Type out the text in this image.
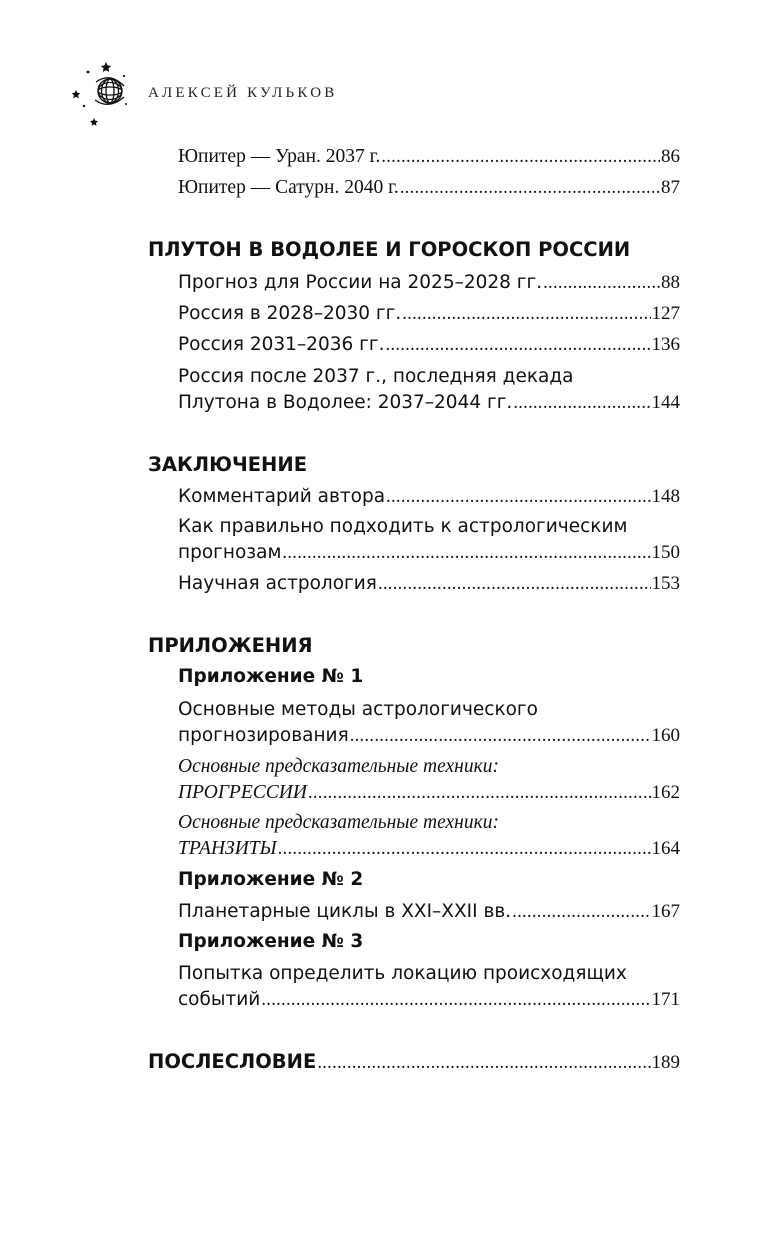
АЛЕКСЕЙ КУЛЬКОВ
Юпитер — Уран. 2037 г. .....	86
Юпитер — Сатурн. 2040 г. .....	87
ПЛУТОН В ВОДОЛЕЕ И ГОРОСКОП РОССИИ
Прогноз для России на 2025–2028 гг. .....	88
Россия в 2028–2030 гг. .....	127
Россия 2031–2036 гг. .....	136
Россия после 2037 г., последняя декада
Плутона в Водолее: 2037–2044 гг. .....	144
ЗАКЛЮЧЕНИЕ
Комментарий автора .....	148
Как правильно подходить к астрологическим
прогнозам .....	150
Научная астрология .....	153
ПРИЛОЖЕНИЯ
Приложение № 1
Основные методы астрологического
прогнозирования .....	160
Основные предсказательные техники:
ПРОГРЕССИИ .....	162
Основные предсказательные техники:
ТРАНЗИТЫ .....	164
Приложение № 2
Планетарные циклы в XXI–XXII вв. .....	167
Приложение № 3
Попытка определить локацию происходящих
событий .....	171
ПОСЛЕСЛОВИЕ .....	189
